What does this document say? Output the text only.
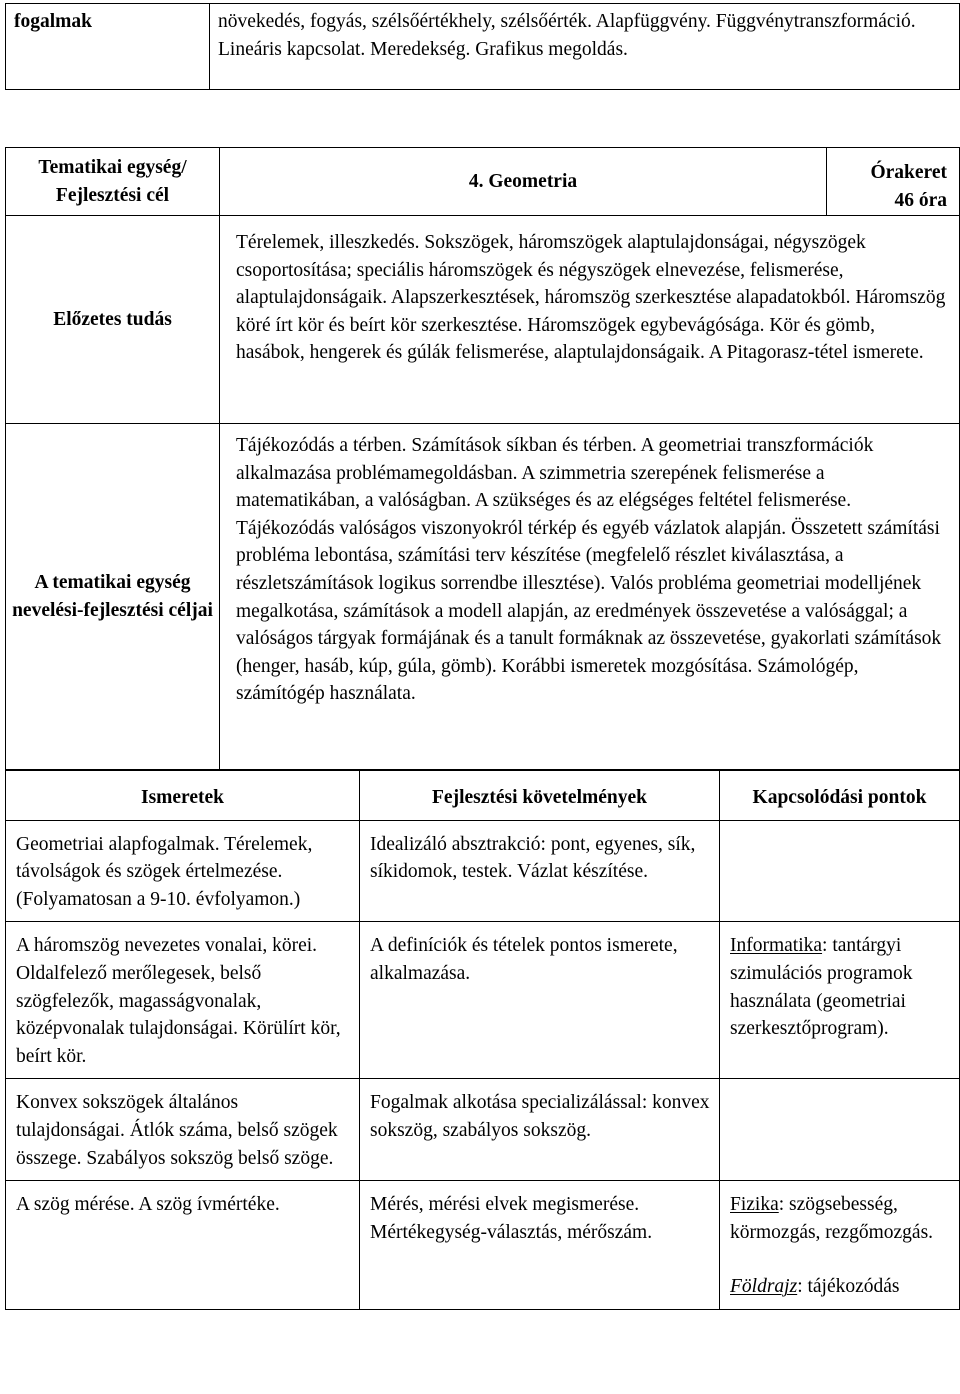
fogalmak	növekedés, fogyás, szélsőértékhely, szélsőérték. Alapfüggvény. Függvénytranszformáció. Lineáris kapcsolat. Meredekség. Grafikus megoldás.
Tematikai egység/ Fejlesztési cél	4. Geometria	Órakeret
46 óra

Előzetes tudás	Térelemek, illeszkedés. Sokszögek, háromszögek alaptulajdonságai, négyszögek csoportosítása; speciális háromszögek és négyszögek elnevezése, felismerése, alaptulajdonságaik. Alapszerkesztések, háromszög szerkesztése alapadatokból. Háromszög köré írt kör és beírt kör szerkesztése. Háromszögek egybevágósága. Kör és gömb, hasábok, hengerek és gúlák felismerése, alaptulajdonságaik. A Pitagorasz-tétel ismerete.	
A tematikai egység nevelési-fejlesztési céljai	Tájékozódás a térben. Számítások síkban és térben. A geometriai transzformációk alkalmazása problémamegoldásban. A szimmetria szerepének felismerése a matematikában, a valóságban. A szükséges és az elégséges feltétel felismerése. Tájékozódás valóságos viszonyokról térkép és egyéb vázlatok alapján. Összetett számítási probléma lebontása, számítási terv készítése (megfelelő részlet kiválasztása, a részletszámítások logikus sorrendbe illesztése). Valós probléma geometriai modelljének megalkotása, számítások a modell alapján, az eredmények összevetése a valósággal; a valóságos tárgyak formájának és a tanult formáknak az összevetése, gyakorlati számítások (henger, hasáb, kúp, gúla, gömb). Korábbi ismeretek mozgósítása. Számológép, számítógép használata.	
Ismeretek	Fejlesztési követelmények	Kapcsolódási pontok
Geometriai alapfogalmak. Térelemek, távolságok és szögek értelmezése. (Folyamatosan a 9-10. évfolyamon.)	Idealizáló absztrakció: pont, egyenes, sík, síkidomok, testek. Vázlat készítése.	
A háromszög nevezetes vonalai, körei. Oldalfelező merőlegesek, belső szögfelezők, magasságvonalak, középvonalak tulajdonságai. Körülírt kör, beírt kör.	A definíciók és tételek pontos ismerete, alkalmazása.	Informatika: tantárgyi szimulációs programok használata (geometriai szerkesztőprogram).
Konvex sokszögek általános tulajdonságai. Átlók száma, belső szögek összege. Szabályos sokszög belső szöge.	Fogalmak alkotása specializálással: konvex sokszög, szabályos sokszög.	
A szög mérése. A szög ívmértéke.	Mérés, mérési elvek megismerése. Mértékegység-választás, mérőszám.	Fizika: szögsebesség, körmozgás, rezgőmozgás.
Földrajz: tájékozódás
